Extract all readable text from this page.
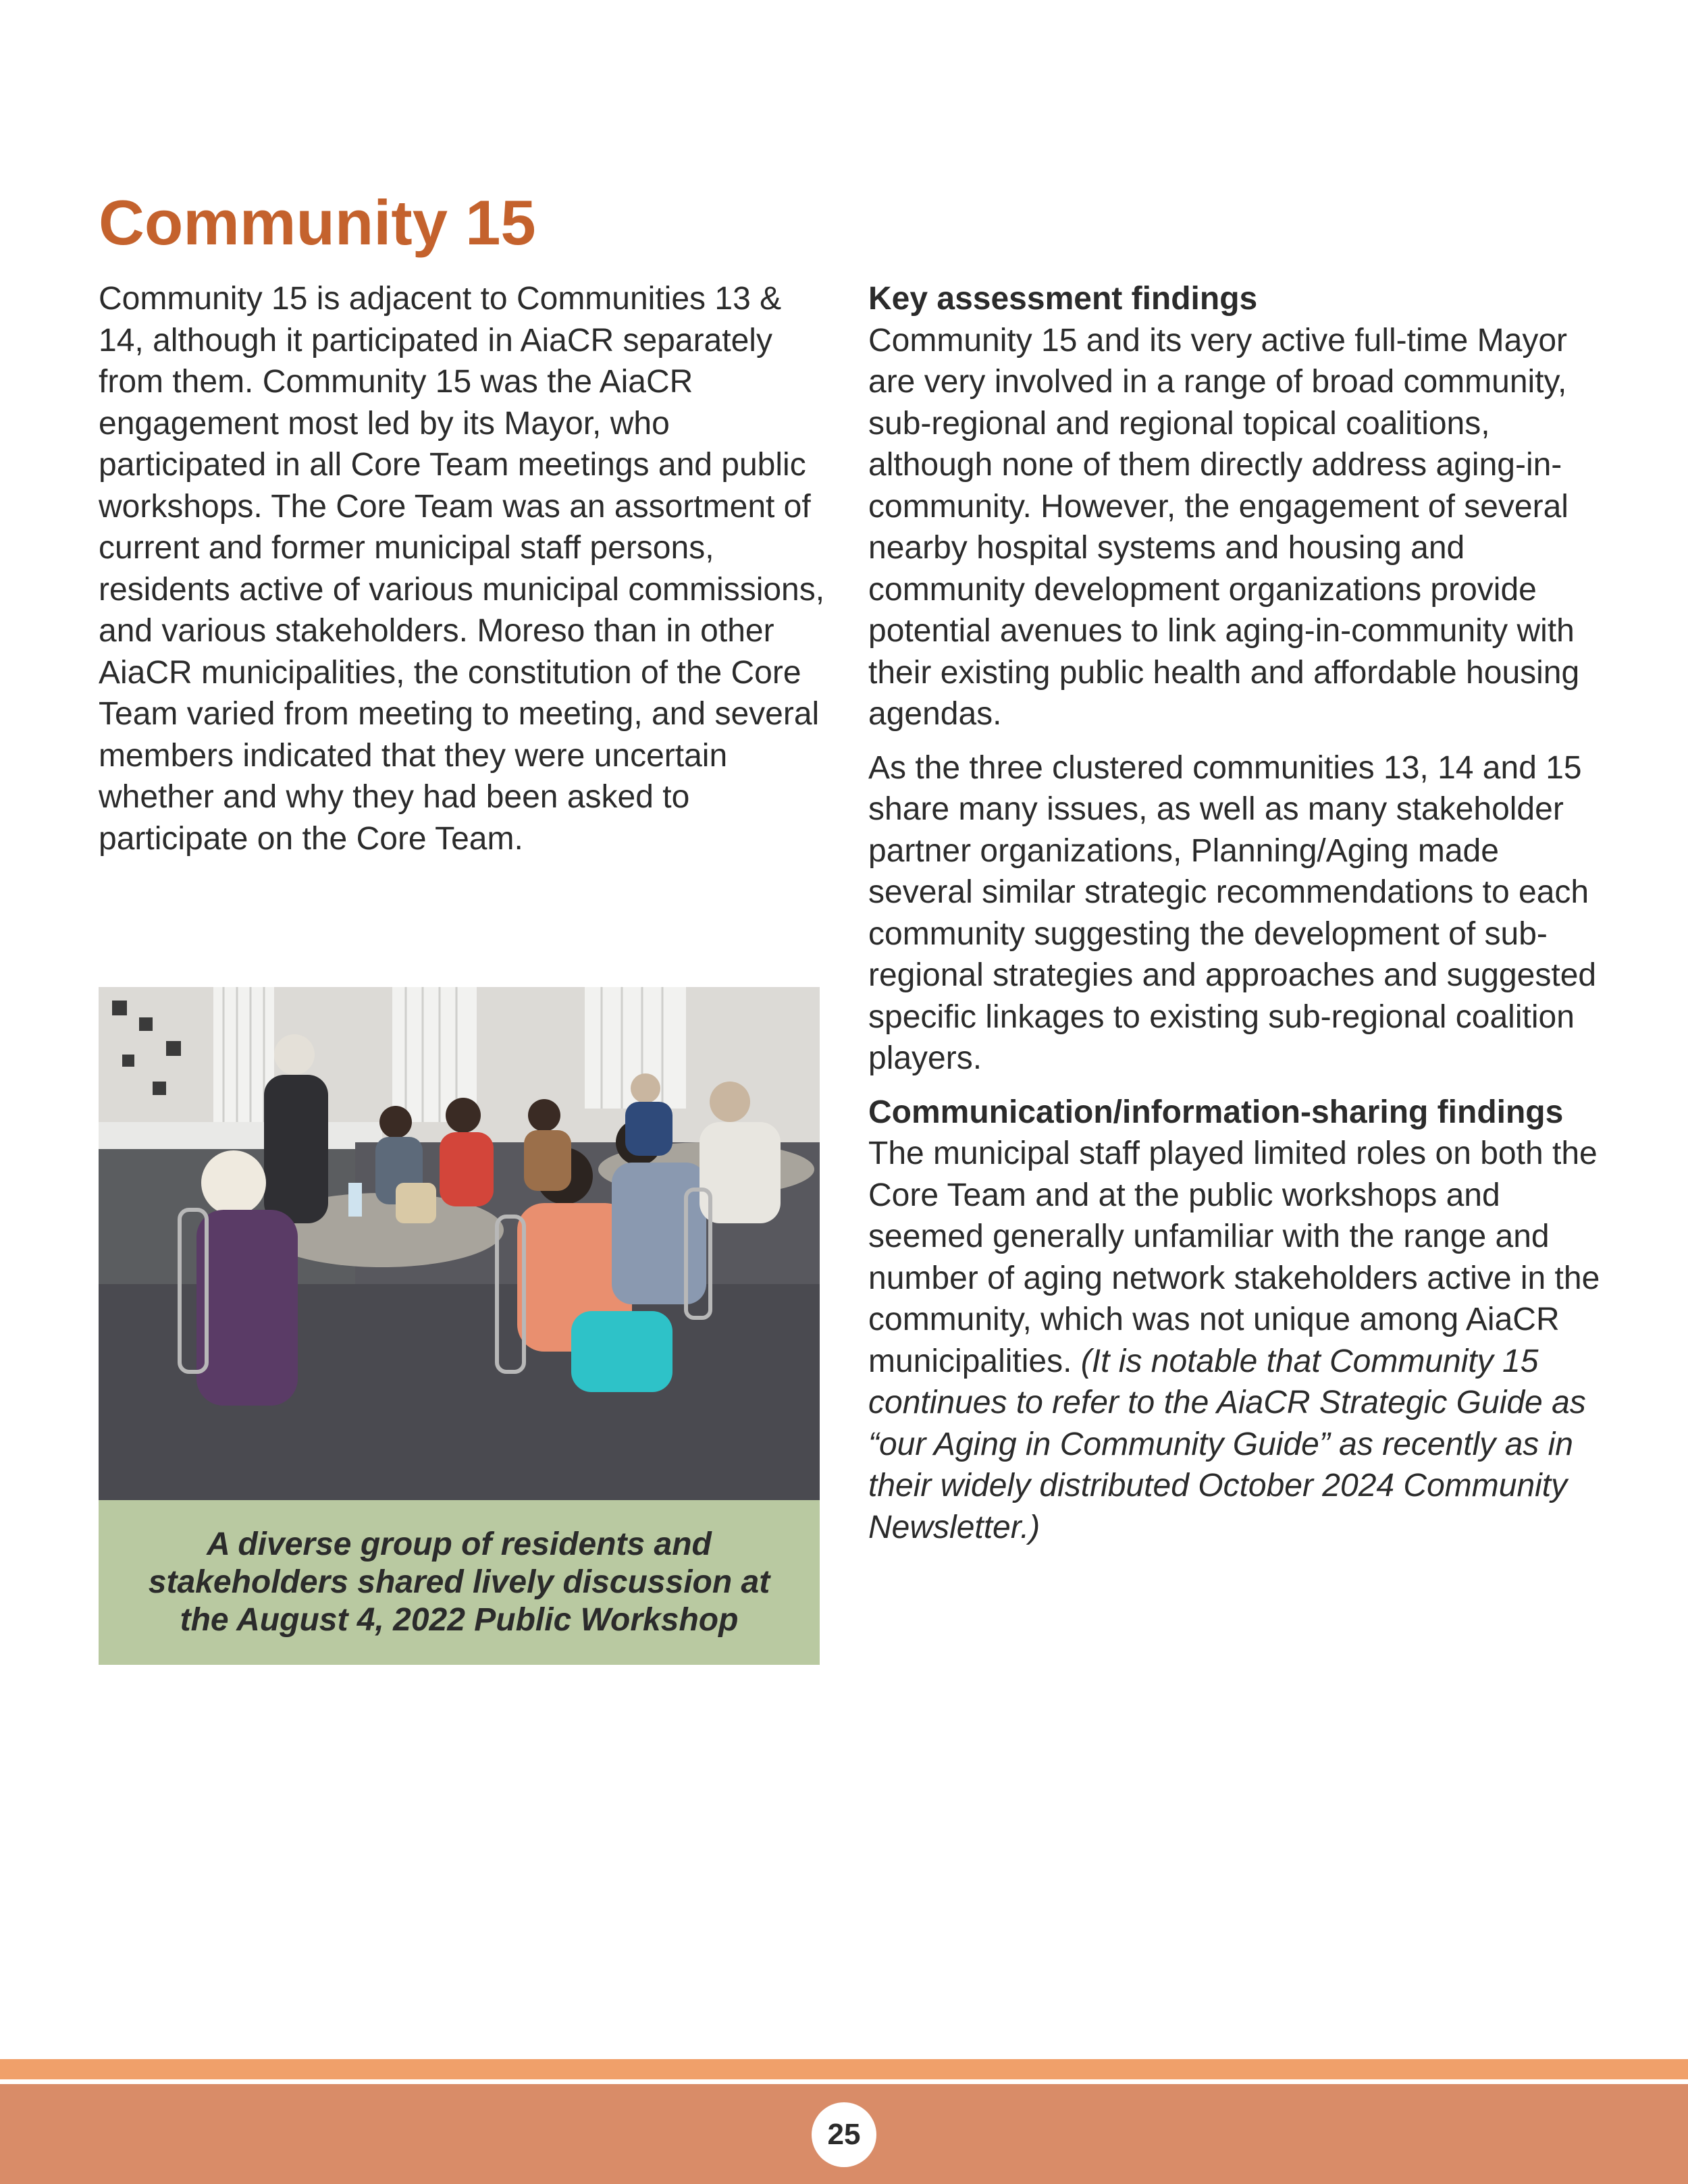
Community 15

Community 15 is adjacent to Communities 13 & 14, although it participated in AiaCR separately from them. Community 15 was the AiaCR engagement most led by its Mayor, who participated in all Core Team meetings and public workshops. The Core Team was an assortment of current and former municipal staff persons, residents active of various municipal commissions, and various stakeholders. Moreso than in other AiaCR municipalities, the constitution of the Core Team varied from meeting to meeting, and several members indicated that they were uncertain whether and why they had been asked to participate on the Core Team.

A diverse group of residents and stakeholders shared lively discussion at the August 4, 2022 Public Workshop

Key assessment findings
Community 15 and its very active full-time Mayor are very involved in a range of broad community, sub-regional and regional topical coalitions, although none of them directly address aging-in-community. However, the engagement of several nearby hospital systems and housing and community development organizations provide potential avenues to link aging-in-community with their existing public health and affordable housing agendas.

As the three clustered communities 13, 14 and 15 share many issues, as well as many stakeholder partner organizations, Planning/Aging made several similar strategic recommendations to each community suggesting the development of sub-regional strategies and approaches and suggested specific linkages to existing sub-regional coalition players.

Communication/information-sharing findings
The municipal staff played limited roles on both the Core Team and at the public workshops and seemed generally unfamiliar with the range and number of aging network stakeholders active in the community, which was not unique among AiaCR municipalities. (It is notable that Community 15 continues to refer to the AiaCR Strategic Guide as “our Aging in Community Guide” as recently as in their widely distributed October 2024 Community Newsletter.)

25
